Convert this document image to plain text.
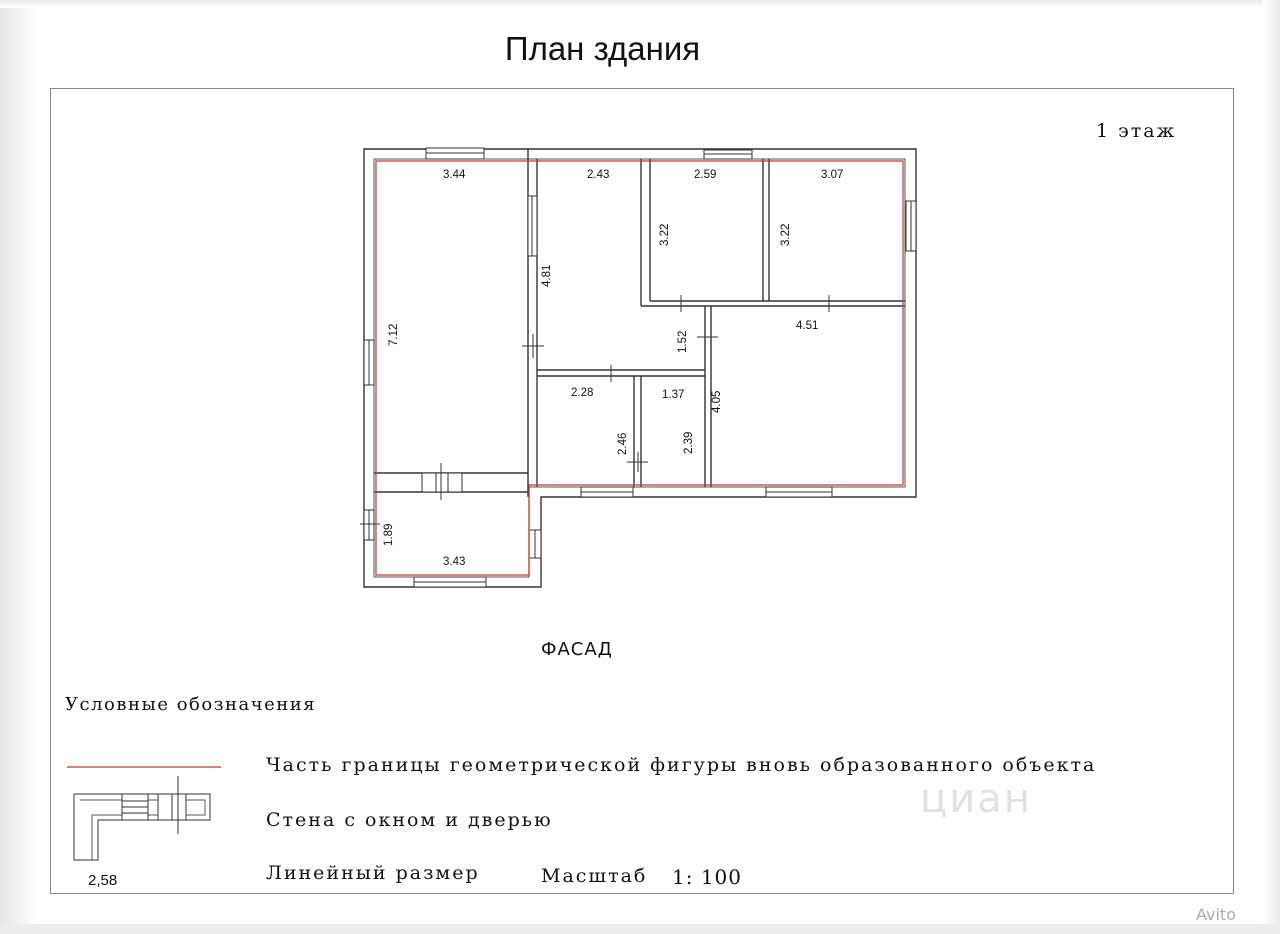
План здания
1 этаж
3.44	2.43	2.59	3.07
4.51
2.28	1.37
3.43
7.12
4.81
3.22	3.22
1.52
4.05
2.46	2.39
1.89
ФАСАД
Условные обозначения
Часть границы геометрической фигуры вновь образованного объекта
Стена с окном и дверью
Линейный размер	Масштаб 1: 100
2,58
циан
Avito
